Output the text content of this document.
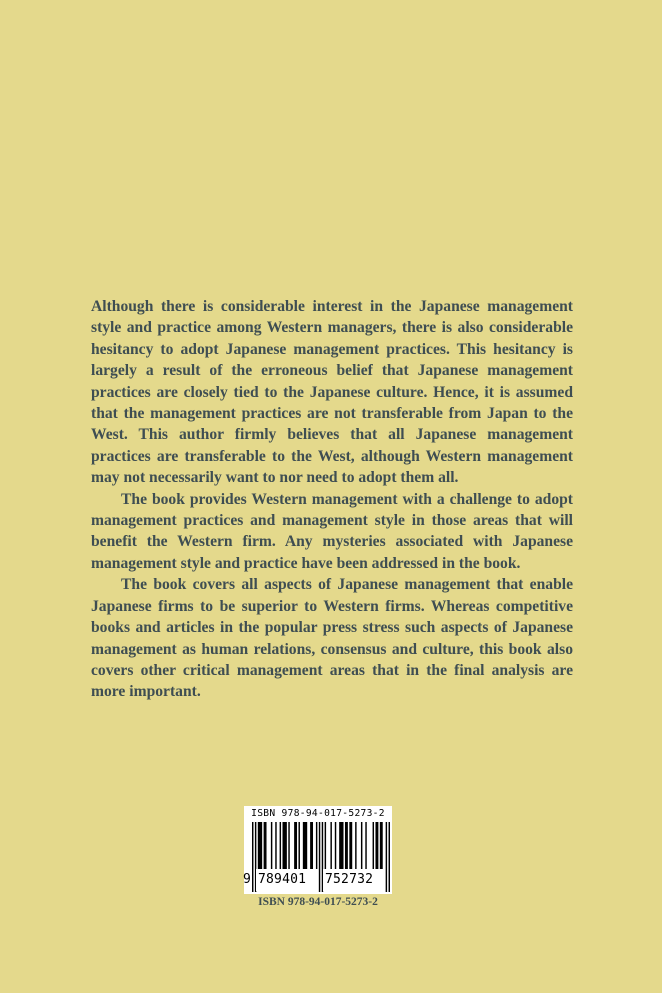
Although there is considerable interest in the Japanese management style and practice among Western managers, there is also considerable hesitancy to adopt Japanese management practices. This hesitancy is largely a result of the erroneous belief that Japanese management practices are closely tied to the Japanese culture. Hence, it is assumed that the management practices are not transferable from Japan to the West. This author firmly believes that all Japanese management practices are transferable to the West, although Western management may not necessarily want to nor need to adopt them all.

The book provides Western management with a challenge to adopt management practices and management style in those areas that will benefit the Western firm. Any mysteries associated with Japanese management style and practice have been addressed in the book.

The book covers all aspects of Japanese management that enable Japanese firms to be superior to Western firms. Whereas competitive books and articles in the popular press stress such aspects of Japanese management as human relations, consensus and culture, this book also covers other critical management areas that in the final analysis are more important.

ISBN 978-94-017-5273-2
9 789401	752732
ISBN 978-94-017-5273-2
